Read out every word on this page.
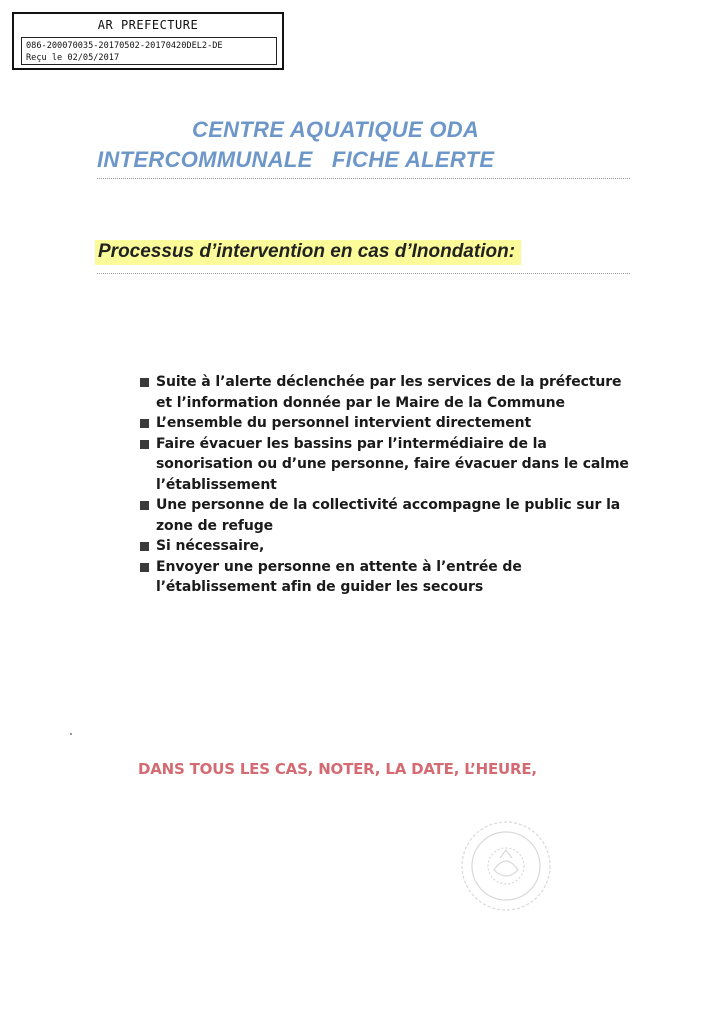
AR PREFECTURE
086-200070035-20170502-20170420DEL2-DE
Reçu le 02/05/2017
CENTRE AQUATIQUE ODA
INTERCOMMUNALE   FICHE ALERTE
Processus d’intervention en cas d’Inondation:
Suite à l’alerte déclenchée par les services de la préfecture et l’information donnée par le Maire de la Commune
L’ensemble du personnel intervient directement
Faire évacuer les bassins par l’intermédiaire de la sonorisation ou d’une personne, faire évacuer dans le calme l’établissement
Une personne de la collectivité accompagne le public sur la zone de refuge
Si nécessaire,
Envoyer une personne en attente à l’entrée de l’établissement afin de guider les secours
DANS TOUS LES CAS, NOTER, LA DATE, L’HEURE,
